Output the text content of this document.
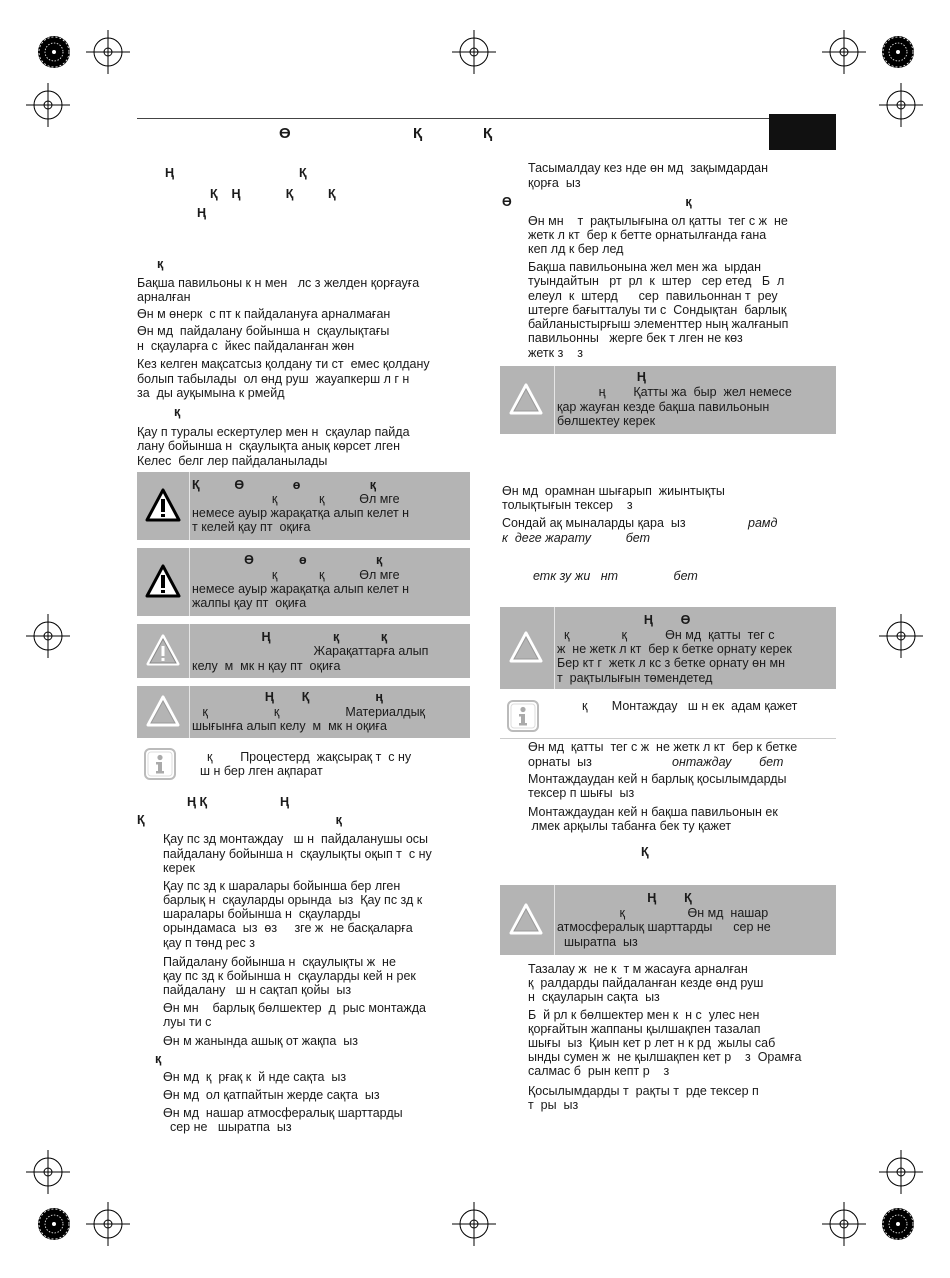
Ө	Қ	Қ
Ң                                    Қ
Қ    Ң             Қ          Қ
Ң
қ
Бақша павильоны к н мен   лс з желден қорғауға
арналған
Өн м өнерк  с пт к пайдалануға арналмаған
Өн мд  пайдалану бойынша н  сқаулықтағы
н  сқауларға с  йкес пайдаланған жөн
Кез келген мақсатсыз қолдану ти ст  емес қолдану
болып табылады  ол өнд руш  жауапкерш л г н
за  ды ауқымына к рмейд
қ
Қау п туралы ескертулер мен н  сқаулар пайда
лану бойынша н  сқаулықта анық көрсет лген
Келес  белг лер пайдаланылады
Қ          Ө              ө                    қ
қ            қ          Өл мге
немесе ауыр жарақатқа алып келет н
т келей қау пт  оқиға
Ө             ө                    қ
қ            қ          Өл мге
немесе ауыр жарақатқа алып келет н
жалпы қау пт  оқиға
Ң                  қ            қ
Жарақаттарға алып
келу  м  мк н қау пт  оқиға
Ң        Қ                   ң
қ                   қ                   Материалдық
шығынға алып келу  м  мк н оқиға
қ        Процестерд  жақсырақ т  с ну
ш н бер лген ақпарат
Ң Қ                     Ң
Қ                                                       қ
Қау пс зд монтаждау   ш н  пайдаланушы осы
пайдалану бойынша н  сқаулықты оқып т  с ну
керек
Қау пс зд к шаралары бойынша бер лген
барлық н  сқауларды орында  ыз  Қау пс зд к
шаралары бойынша н  сқауларды
орындамаса  ыз  өз     зге ж  не басқаларға
қау п төнд рес з
Пайдалану бойынша н  сқаулықты ж  не
қау пс зд к бойынша н  сқауларды кей н рек
пайдалану   ш н сақтап қойы  ыз
Өн мн    барлық бөлшектер  д  рыс монтажда
луы ти с
Өн м жанында ашық от жақпа  ыз
қ
Өн мд  қ  рғақ к  й нде сақта  ыз
Өн мд  ол қатпайтын жерде сақта  ыз
Өн мд  нашар атмосфералық шарттарды
сер не   шыратпа  ыз
Тасымалдау кез нде өн мд  зақымдардан
қорға  ыз
Ө                                                  қ
Өн мн    т  рақтылығына ол қатты  тег с ж  не
жетк л кт  бер к бетте орнатылғанда ғана
кеп лд к бер лед
Бақша павильонына жел мен жа  ырдан
туындайтын   рт  рл  к  штер   сер етед   Б  л
елеул  к  штерд      сер  павильоннан т  реу
штерге бағытталуы ти с  Сондықтан  барлық
байланыстырғыш элементтер ның жалғанып
павильонны   жерге бек т лген не көз
жетк з    з
Ң
ң        Қатты жа  быр  жел немесе
қар жауған кезде бақша павильонын
бөлшектеу керек
Өн мд  орамнан шығарып  жиынтықты
толықтығын тексер    з
Сондай ақ мыналарды қара  ыз	рамд
к  деге жарату          бет
етк зу жи   нт                бет
Ң        Ө
қ               қ           Өн мд  қатты  тег с
ж  не жетк л кт  бер к бетке орнату керек
Бер кт г  жетк л кс з бетке орнату өн мн
т  рақтылығын төмендетед
қ       Монтаждау   ш н ек  адам қажет
Өн мд  қатты  тег с ж  не жетк л кт  бер к бетке
орнаты  ыз	онтаждау        бет
Монтаждаудан кей н барлық қосылымдарды
тексер п шығы  ыз
Монтаждаудан кей н бақша павильонын ек
лмек арқылы табанға бек ту қажет
Қ
Ң        Қ
қ                  Өн мд  нашар
атмосфералық шарттарды      сер не
шыратпа  ыз
Тазалау ж  не к  т м жасауға арналған
қ  ралдарды пайдаланған кезде өнд руш
н  сқауларын сақта  ыз
Б  й рл к бөлшектер мен к  н с  улес нен
қорғайтын жаппаны қылшақпен тазалап
шығы  ыз  Қиын кет р лет н к рд  жылы саб
ынды сумен ж  не қылшақпен кет р    з  Орамға
салмас б  рын кепт р    з
Қосылымдарды т  рақты т  рде тексер п
т  ры  ыз
